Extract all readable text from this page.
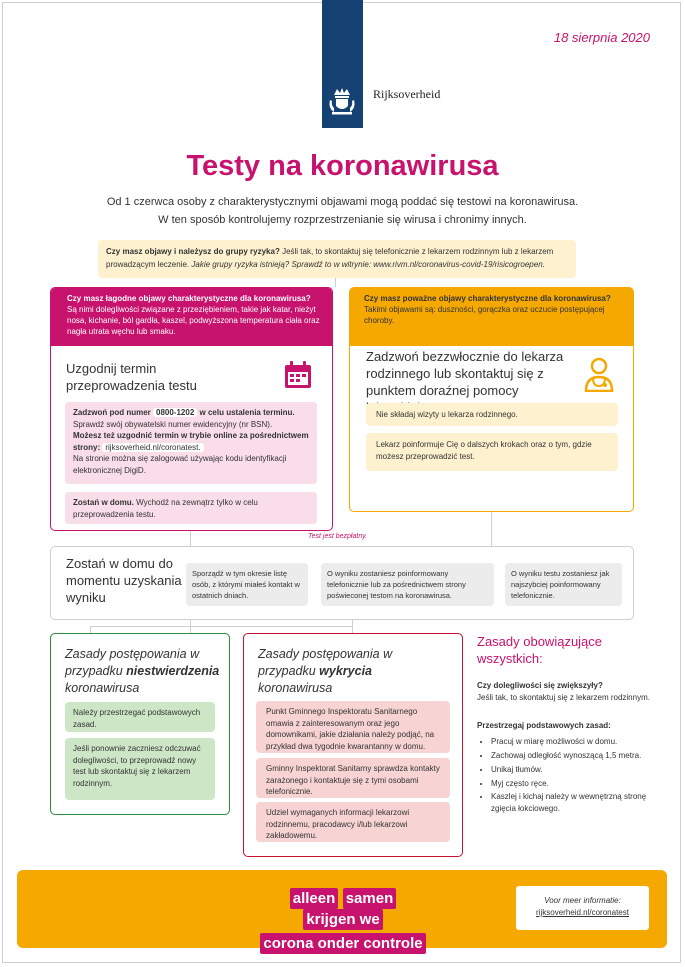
18 sierpnia 2020
Rijksoverheid
Testy na koronawirusa
Od 1 czerwca osoby z charakterystycznymi objawami mogą poddać się testowi na koronawirusa.
W ten sposób kontrolujemy rozprzestrzenianie się wirusa i chronimy innych.
Czy masz objawy i należysz do grupy ryzyka? Jeśli tak, to skontaktuj się telefonicznie z lekarzem rodzinnym lub z lekarzem prowadzącym leczenie. Jakie grupy ryzyka istnieją? Sprawdź to w witrynie: www.rivm.nl/coronavirus-covid-19/risicogroepen.
Czy masz łagodne objawy charakterystyczne dla koronawirusa?
Są nimi dolegliwości związane z przeziębieniem, takie jak katar, nieżyt nosa, kichanie, ból gardła, kaszel, podwyższona temperatura ciała oraz nagła utrata węchu lub smaku.
Uzgodnij termin przeprowadzenia testu
Zadzwoń pod numer 0800-1202 w celu ustalenia terminu.
Sprawdź swój obywatelski numer ewidencyjny (nr BSN).
Możesz też uzgodnić termin w trybie online za pośrednictwem strony: rijksoverheid.nl/coronatest.
Na stronie można się zalogować używając kodu identyfikacji elektronicznej DigiD.
Zostań w domu. Wychodź na zewnątrz tylko w celu przeprowadzenia testu.
Czy masz poważne objawy charakterystyczne dla koronawirusa?
Takimi objawami są: duszności, gorączka oraz uczucie postępującej choroby.
Zadzwoń bezzwłocznie do lekarza rodzinnego lub skontaktuj się z punktem doraźnej pomocy
Nie składaj wizyty u lekarza rodzinnego.
Lekarz poinformuje Cię o dalszych krokach oraz o tym, gdzie możesz przeprowadzić test.
Test jest bezpłatny.
Zostań w domu do momentu uzyskania wyniku
Sporządź w tym okresie listę osób, z którymi miałeś kontakt w ostatnich dniach.
O wyniku zostaniesz poinformowany telefonicznie lub za pośrednictwem strony poświeconej testom na koronawirusa.
O wyniku testu zostaniesz jak najszybciej poinformowany telefonicznie.
Zasady postępowania w przypadku niestwierdzenia koronawirusa
Należy przestrzegać podstawowych zasad.
Jeśli ponownie zaczniesz odczuwać dolegliwości, to przeprowadź nowy test lub skontaktuj się z lekarzem rodzinnym.
Zasady postępowania w przypadku wykrycia koronawirusa
Punkt Gminnego Inspektoratu Sanitarnego omawia z zainteresowanym oraz jego domownikami, jakie działania należy podjąć, na przykład dwa tygodnie kwarantanny w domu.
Gminny Inspektorat Sanitarny sprawdza kontakty zarażonego i kontaktuje się z tymi osobami telefonicznie.
Udziel wymaganych informacji lekarzowi rodzinnemu, pracodawcy i/lub lekarzowi zakładowemu.
Zasady obowiązujące wszystkich:
Czy dolegliwości się zwiększyły?
Jeśli tak, to skontaktuj się z lekarzem rodzinnym.
Przestrzegaj podstawowych zasad:
• Pracuj w miarę możliwości w domu.
• Zachowaj odległość wynoszącą 1,5 metra.
• Unikaj tłumów.
• Myj często ręce.
• Kaszlej i kichaj należy w wewnętrzną stronę zgięcia łokciowego.
alleen samen krijgen we
corona onder controle
Voor meer informatie:
rijksoverheid.nl/coronatest
